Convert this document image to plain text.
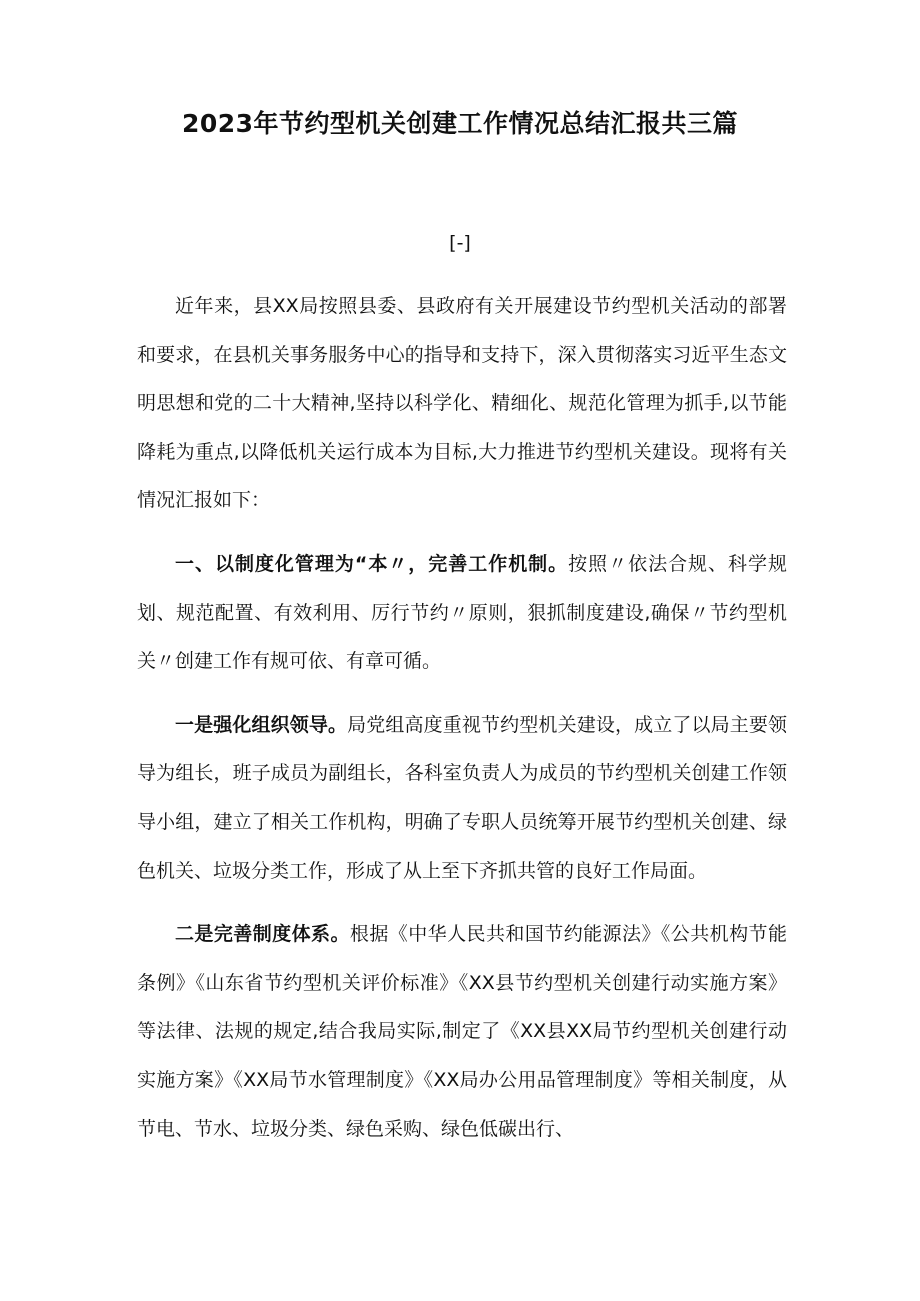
2023年节约型机关创建工作情况总结汇报共三篇
[-]

近年来，县XX局按照县委、县政府有关开展建设节约型机关活动的部署和要求，在县机关事务服务中心的指导和支持下，深入贯彻落实习近平生态文明思想和党的二十大精神,坚持以科学化、精细化、规范化管理为抓手,以节能降耗为重点,以降低机关运行成本为目标,大力推进节约型机关建设。现将有关情况汇报如下：

一、以制度化管理为“本〃，完善工作机制。按照〃依法合规、科学规划、规范配置、有效利用、厉行节约〃原则，狠抓制度建设,确保〃节约型机关〃创建工作有规可依、有章可循。

一是强化组织领导。局党组高度重视节约型机关建设，成立了以局主要领导为组长，班子成员为副组长，各科室负责人为成员的节约型机关创建工作领导小组，建立了相关工作机构，明确了专职人员统筹开展节约型机关创建、绿色机关、垃圾分类工作，形成了从上至下齐抓共管的良好工作局面。

二是完善制度体系。根据《中华人民共和国节约能源法》《公共机构节能条例》《山东省节约型机关评价标准》《XX县节约型机关创建行动实施方案》等法律、法规的规定,结合我局实际,制定了《XX县XX局节约型机关创建行动实施方案》《XX局节水管理制度》《XX局办公用品管理制度》等相关制度，从节电、节水、垃圾分类、绿色采购、绿色低碳出行、
